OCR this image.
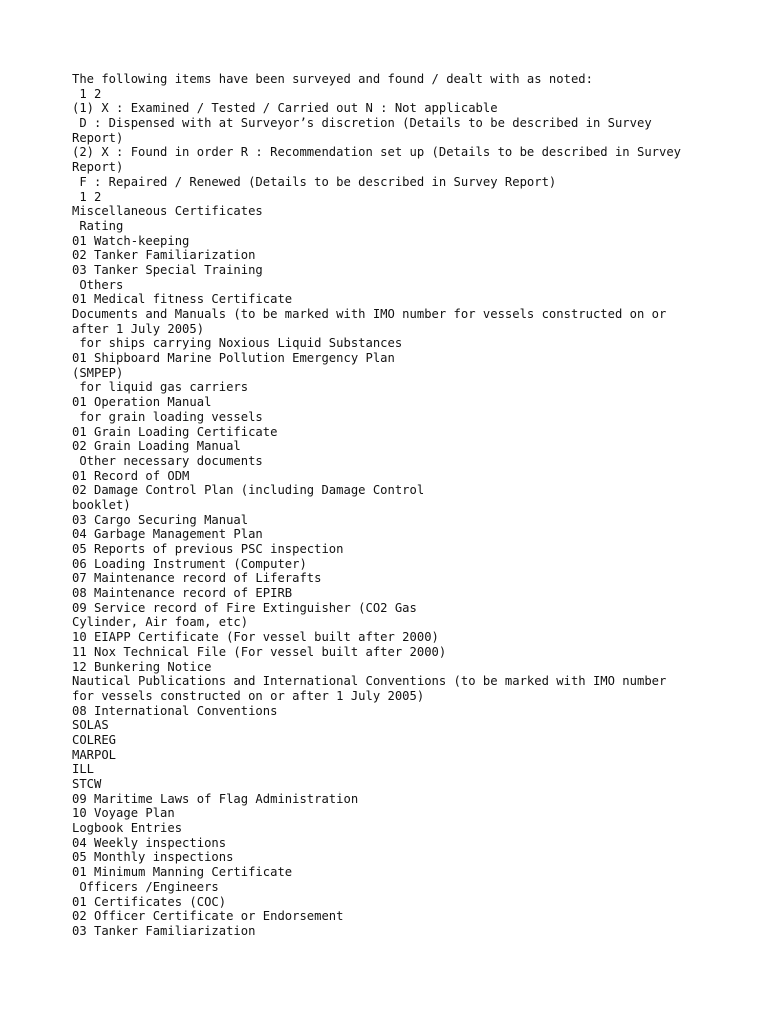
The following items have been surveyed and found / dealt with as noted:
1 2
(1) X : Examined / Tested / Carried out N : Not applicable
D : Dispensed with at Surveyor’s discretion (Details to be described in Survey
Report)
(2) X : Found in order R : Recommendation set up (Details to be described in Survey
Report)
F : Repaired / Renewed (Details to be described in Survey Report)
1 2
Miscellaneous Certificates
Rating
01 Watch-keeping
02 Tanker Familiarization
03 Tanker Special Training
Others
01 Medical fitness Certificate
Documents and Manuals (to be marked with IMO number for vessels constructed on or
after 1 July 2005)
for ships carrying Noxious Liquid Substances
01 Shipboard Marine Pollution Emergency Plan
(SMPEP)
for liquid gas carriers
01 Operation Manual
for grain loading vessels
01 Grain Loading Certificate
02 Grain Loading Manual
Other necessary documents
01 Record of ODM
02 Damage Control Plan (including Damage Control
booklet)
03 Cargo Securing Manual
04 Garbage Management Plan
05 Reports of previous PSC inspection
06 Loading Instrument (Computer)
07 Maintenance record of Liferafts
08 Maintenance record of EPIRB
09 Service record of Fire Extinguisher (CO2 Gas
Cylinder, Air foam, etc)
10 EIAPP Certificate (For vessel built after 2000)
11 Nox Technical File (For vessel built after 2000)
12 Bunkering Notice
Nautical Publications and International Conventions (to be marked with IMO number
for vessels constructed on or after 1 July 2005)
08 International Conventions
SOLAS
COLREG
MARPOL
ILL
STCW
09 Maritime Laws of Flag Administration
10 Voyage Plan
Logbook Entries
04 Weekly inspections
05 Monthly inspections
01 Minimum Manning Certificate
Officers /Engineers
01 Certificates (COC)
02 Officer Certificate or Endorsement
03 Tanker Familiarization
